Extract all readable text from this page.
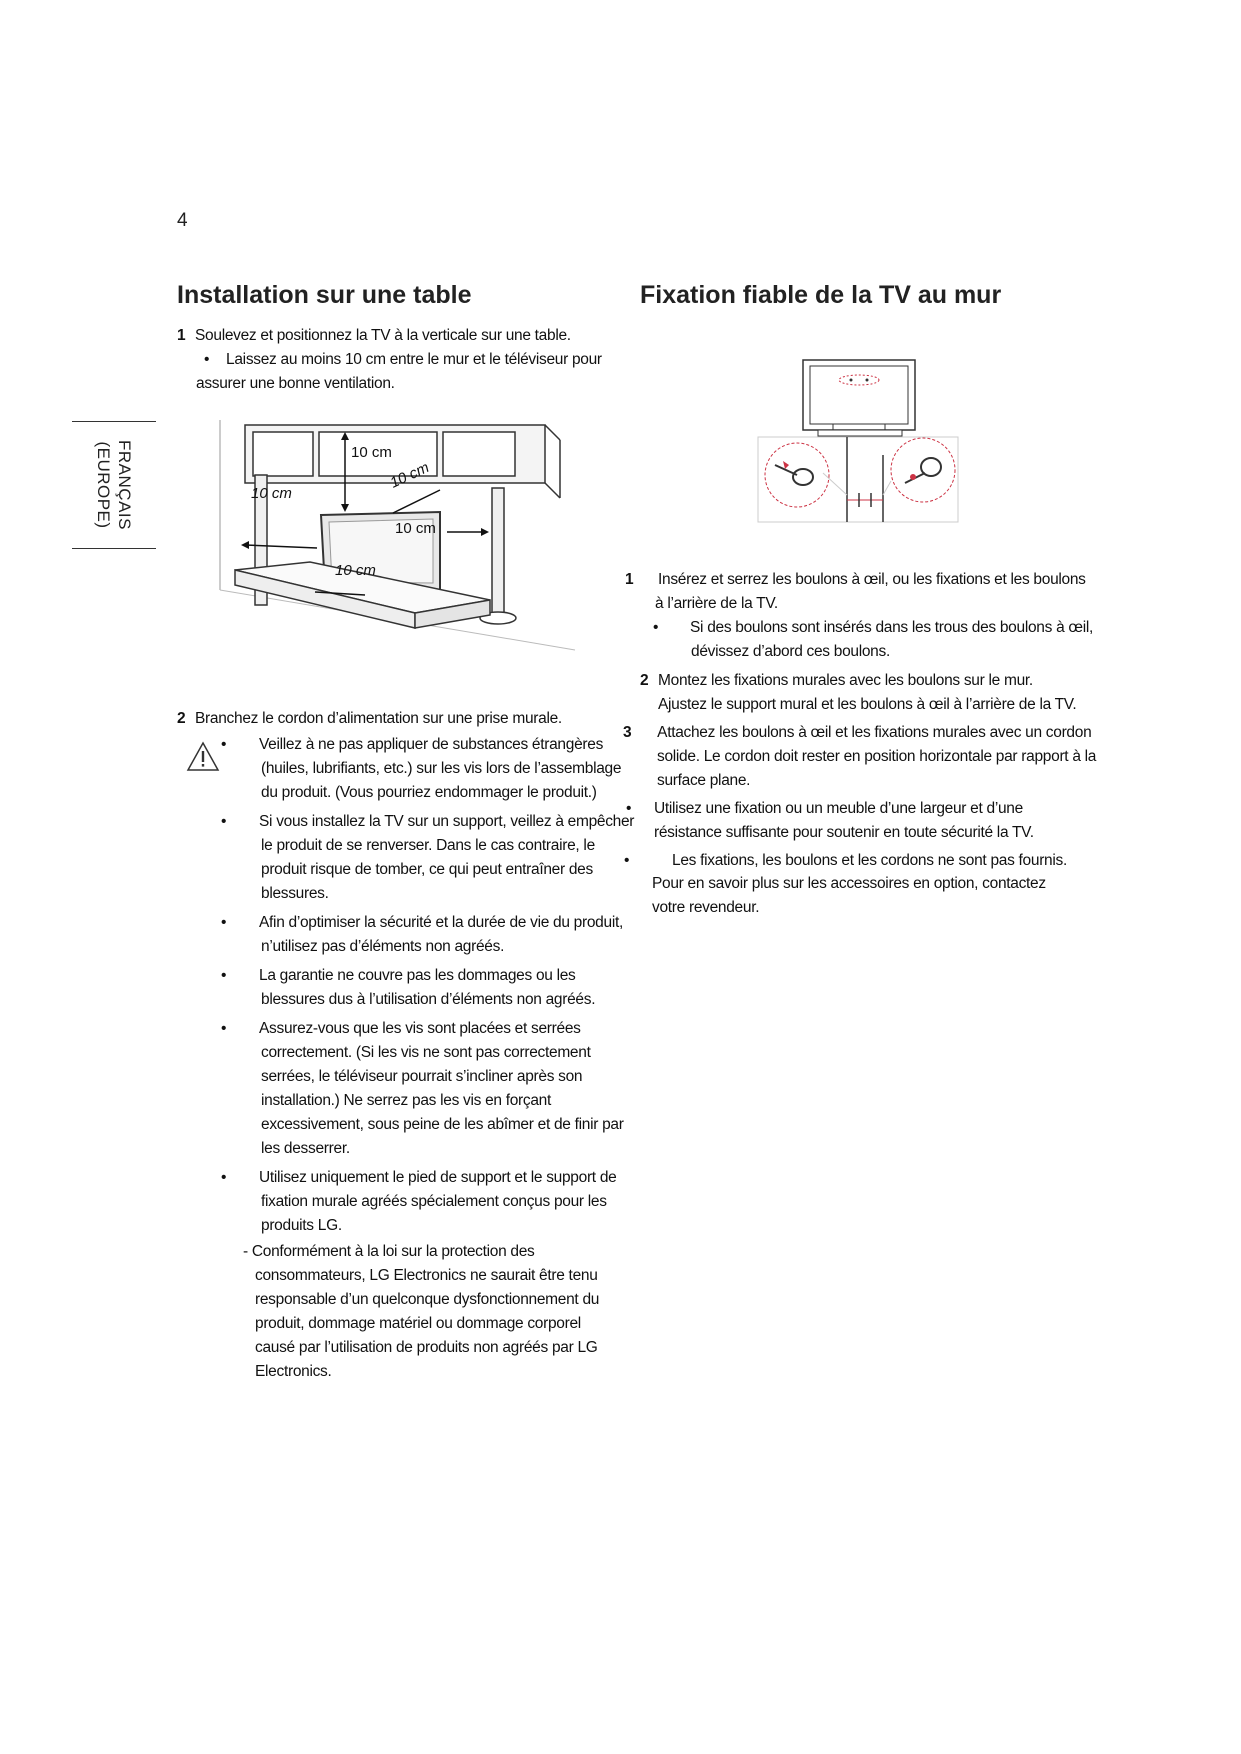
4
FRANÇAIS
(EUROPE)
Installation sur une table

1 Soulevez et positionnez la TV à la verticale sur une table.

• Laissez au moins 10 cm entre le mur et le téléviseur pour assurer une bonne ventilation.

10 cm
10 cm
10 cm
10 cm
10 cm

2 Branchez le cordon d’alimentation sur une prise murale.

• Veillez à ne pas appliquer de substances étrangères (huiles, lubrifiants, etc.) sur les vis lors de l’assemblage du produit. (Vous pourriez endommager le produit.)
• Si vous installez la TV sur un support, veillez à empêcher le produit de se renverser. Dans le cas contraire, le produit risque de tomber, ce qui peut entraîner des blessures.
• Afin d’optimiser la sécurité et la durée de vie du produit, n’utilisez pas d’éléments non agréés.
• La garantie ne couvre pas les dommages ou les blessures dus à l’utilisation d’éléments non agréés.
• Assurez-vous que les vis sont placées et serrées correctement. (Si les vis ne sont pas correctement serrées, le téléviseur pourrait s’incliner après son installation.) Ne serrez pas les vis en forçant excessivement, sous peine de les abîmer et de finir par les desserrer.
• Utilisez uniquement le pied de support et le support de fixation murale agréés spécialement conçus pour les produits LG.
- Conformément à la loi sur la protection des consommateurs, LG Electronics ne saurait être tenu responsable d’un quelconque dysfonctionnement du produit, dommage matériel ou dommage corporel causé par l’utilisation de produits non agréés par LG Electronics.
Fixation fiable de la TV au mur

1 Insérez et serrez les boulons à œil, ou les fixations et les boulons à l’arrière de la TV.

• Si des boulons sont insérés dans les trous des boulons à œil, dévissez d’abord ces boulons.

2 Montez les fixations murales avec les boulons sur le mur.

Ajustez le support mural et les boulons à œil à l’arrière de la TV.

3 Attachez les boulons à œil et les fixations murales avec un cordon solide. Le cordon doit rester en position horizontale par rapport à la surface plane.

• Utilisez une fixation ou un meuble d’une largeur et d’une résistance suffisante pour soutenir en toute sécurité la TV.

•	Les fixations, les boulons et les cordons ne sont pas fournis.

Pour en savoir plus sur les accessoires en option, contactez votre revendeur.
